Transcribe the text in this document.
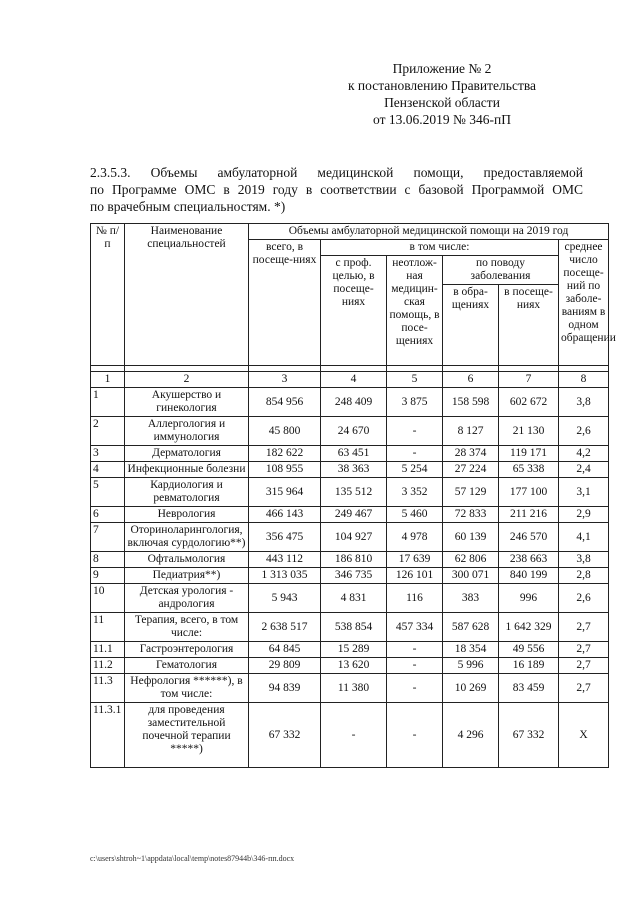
Приложение № 2
к постановлению Правительства
Пензенской области
от 13.06.2019 № 346-пП
2.3.5.3. Объемы амбулаторной медицинской помощи, предоставляемой
по Программе ОМС в 2019 году в соответствии с базовой Программой ОМС
по врачебным специальностям. *)
№ п/п	Наименование специальностей	Объемы амбулаторной медицинской помощи на 2019 год					
		всего, в посеще-ниях	в том числе:				среднее число посеще-ний по заболе-ваниям в одном обращении
			с проф. целью, в посеще-ниях	неотлож-ная медицин-ская помощь, в посе-щениях	по поводу заболевания		
					в обра-щениях	в посеще-ниях	

1	2	3	4	5	6	7	8
1	Акушерство и гинекология	854 956	248 409	3 875	158 598	602 672	3,8
2	Аллергология и иммунология	45 800	24 670	-	8 127	21 130	2,6
3	Дерматология	182 622	63 451	-	28 374	119 171	4,2
4	Инфекционные болезни	108 955	38 363	5 254	27 224	65 338	2,4
5	Кардиология и ревматология	315 964	135 512	3 352	57 129	177 100	3,1
6	Неврология	466 143	249 467	5 460	72 833	211 216	2,9
7	Оториноларингология, включая сурдологию**)	356 475	104 927	4 978	60 139	246 570	4,1
8	Офтальмология	443 112	186 810	17 639	62 806	238 663	3,8
9	Педиатрия**)	1 313 035	346 735	126 101	300 071	840 199	2,8
10	Детская урология - андрология	5 943	4 831	116	383	996	2,6
11	Терапия, всего, в том числе:	2 638 517	538 854	457 334	587 628	1 642 329	2,7
11.1	Гастроэнтерология	64 845	15 289	-	18 354	49 556	2,7
11.2	Гематология	29 809	13 620	-	5 996	16 189	2,7
11.3	Нефрология ******), в том числе:	94 839	11 380	-	10 269	83 459	2,7
11.3.1	для проведения заместительной почечной терапии *****)	67 332	-	-	4 296	67 332	Х
c:\users\shtroh~1\appdata\local\temp\notes87944b\346-пп.docx
